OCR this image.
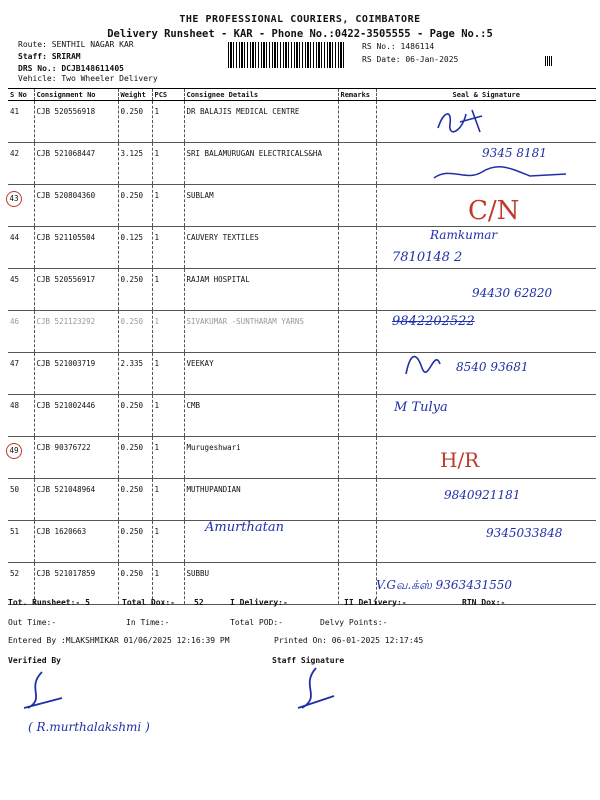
THE PROFESSIONAL COURIERS, COIMBATORE
Delivery Runsheet - KAR - Phone No.:0422-3505555 - Page No.:5
Route: SENTHIL NAGAR KAR
Staff: SRIRAM
DRS No.: DCJB148611405
Vehicle: Two Wheeler Delivery
RS No.: 1486114
RS Date: 06-Jan-2025
S No	Consignment No	Weight	PCS	Consignee Details	Remarks	Seal & Signature
41	CJB 520556918	0.250	1	DR BALAJIS MEDICAL CENTRE		
42	CJB 521068447	3.125	1	SRI BALAMURUGAN ELECTRICALS&HA		
43	CJB 520804360	0.250	1	SUBLAM		
44	CJB 521105504	0.125	1	CAUVERY TEXTILES		
45	CJB 520556917	0.250	1	RAJAM HOSPITAL		
46	CJB 521123292	0.250	1	SIVAKUMAR -SUNTHARAM YARNS		
47	CJB 521003719	2.335	1	VEEKAY		
48	CJB 521002446	0.250	1	CMB		
49	CJB 90376722	0.250	1	Murugeshwari		
50	CJB 521048964	0.250	1	MUTHUPANDIAN		
51	CJB 1620663	0.250	1			
52	CJB 521017859	0.250	1	SUBBU		
9345 8181
C/N
Ramkumar
7810148 2
94430 62820
9842202522
8540 93681
M Tulya
H/R
9840921181
Amurthatan	9345033848
V.Gவ.க்ஸ் 9363431550
Tot. Runsheet:- 5	Total Dox:- 52	I Delivery:-	II Delivery:-	RTN Dox:-
Out Time:-	In Time:-	Total POD:-	Delvy Points:-
Entered By :MLAKSHMIKAR 01/06/2025 12:16:39 PM	Printed On: 06-01-2025 12:17:45
Verified By	Staff Signature
( R.murthalakshmi )
